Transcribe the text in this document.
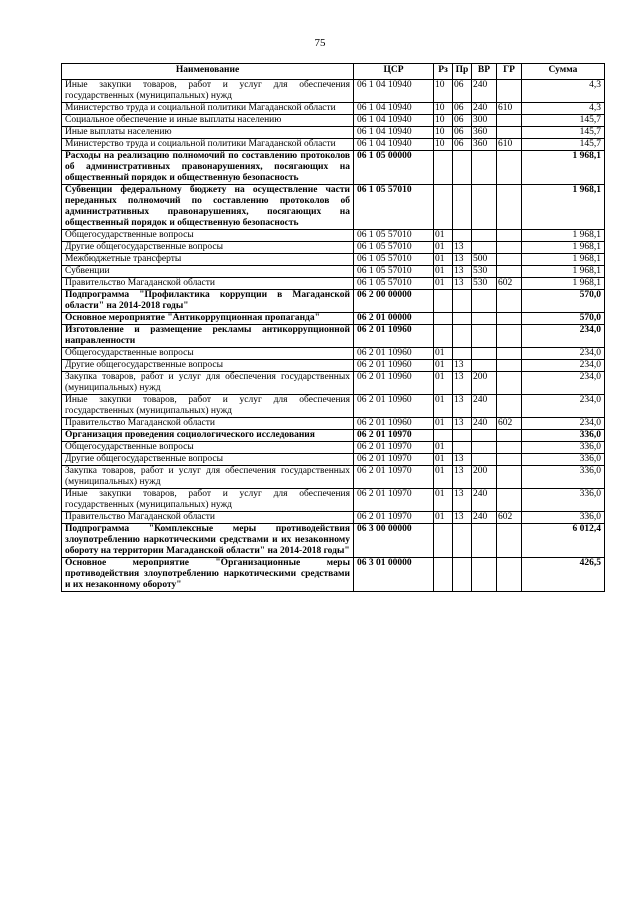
75
Наименование	ЦСР	Рз	Пр	ВР	ГР	Сумма
Иные закупки товаров, работ и услуг для обеспечения государственных (муниципальных) нужд	06 1 04 10940	10	06	240		4,3
Министерство труда и социальной политики Магаданской области	06 1 04 10940	10	06	240	610	4,3
Социальное обеспечение и иные выплаты населению	06 1 04 10940	10	06	300		145,7
Иные выплаты населению	06 1 04 10940	10	06	360		145,7
Министерство труда и социальной политики Магаданской области	06 1 04 10940	10	06	360	610	145,7
Расходы на реализацию полномочий по составлению протоколов об административных правонарушениях, посягающих на общественный порядок и общественную безопасность	06 1 05 00000					1 968,1
Субвенции федеральному бюджету на осуществление части переданных полномочий по составлению протоколов об административных правонарушениях, посягающих на общественный порядок и общественную безопасность	06 1 05 57010					1 968,1
Общегосударственные вопросы	06 1 05 57010	01				1 968,1
Другие общегосударственные вопросы	06 1 05 57010	01	13			1 968,1
Межбюджетные трансферты	06 1 05 57010	01	13	500		1 968,1
Субвенции	06 1 05 57010	01	13	530		1 968,1
Правительство Магаданской области	06 1 05 57010	01	13	530	602	1 968,1
Подпрограмма "Профилактика коррупции в Магаданской области" на 2014-2018 годы"	06 2 00 00000					570,0
Основное мероприятие "Антикоррупционная пропаганда"	06 2 01 00000					570,0
Изготовление и размещение рекламы антикоррупционной направленности	06 2 01 10960					234,0
Общегосударственные вопросы	06 2 01 10960	01				234,0
Другие общегосударственные вопросы	06 2 01 10960	01	13			234,0
Закупка товаров, работ и услуг для обеспечения государственных (муниципальных) нужд	06 2 01 10960	01	13	200		234,0
Иные закупки товаров, работ и услуг для обеспечения государственных (муниципальных) нужд	06 2 01 10960	01	13	240		234,0
Правительство Магаданской области	06 2 01 10960	01	13	240	602	234,0
Организация проведения социологического исследования	06 2 01 10970					336,0
Общегосударственные вопросы	06 2 01 10970	01				336,0
Другие общегосударственные вопросы	06 2 01 10970	01	13			336,0
Закупка товаров, работ и услуг для обеспечения государственных (муниципальных) нужд	06 2 01 10970	01	13	200		336,0
Иные закупки товаров, работ и услуг для обеспечения государственных (муниципальных) нужд	06 2 01 10970	01	13	240		336,0
Правительство Магаданской области	06 2 01 10970	01	13	240	602	336,0
Подпрограмма "Комплексные меры противодействия злоупотреблению наркотическими средствами и их незаконному обороту на территории Магаданской области" на 2014-2018 годы"	06 3 00 00000					6 012,4
Основное мероприятие "Организационные меры противодействия злоупотреблению наркотическими средствами и их незаконному обороту"	06 3 01 00000					426,5
